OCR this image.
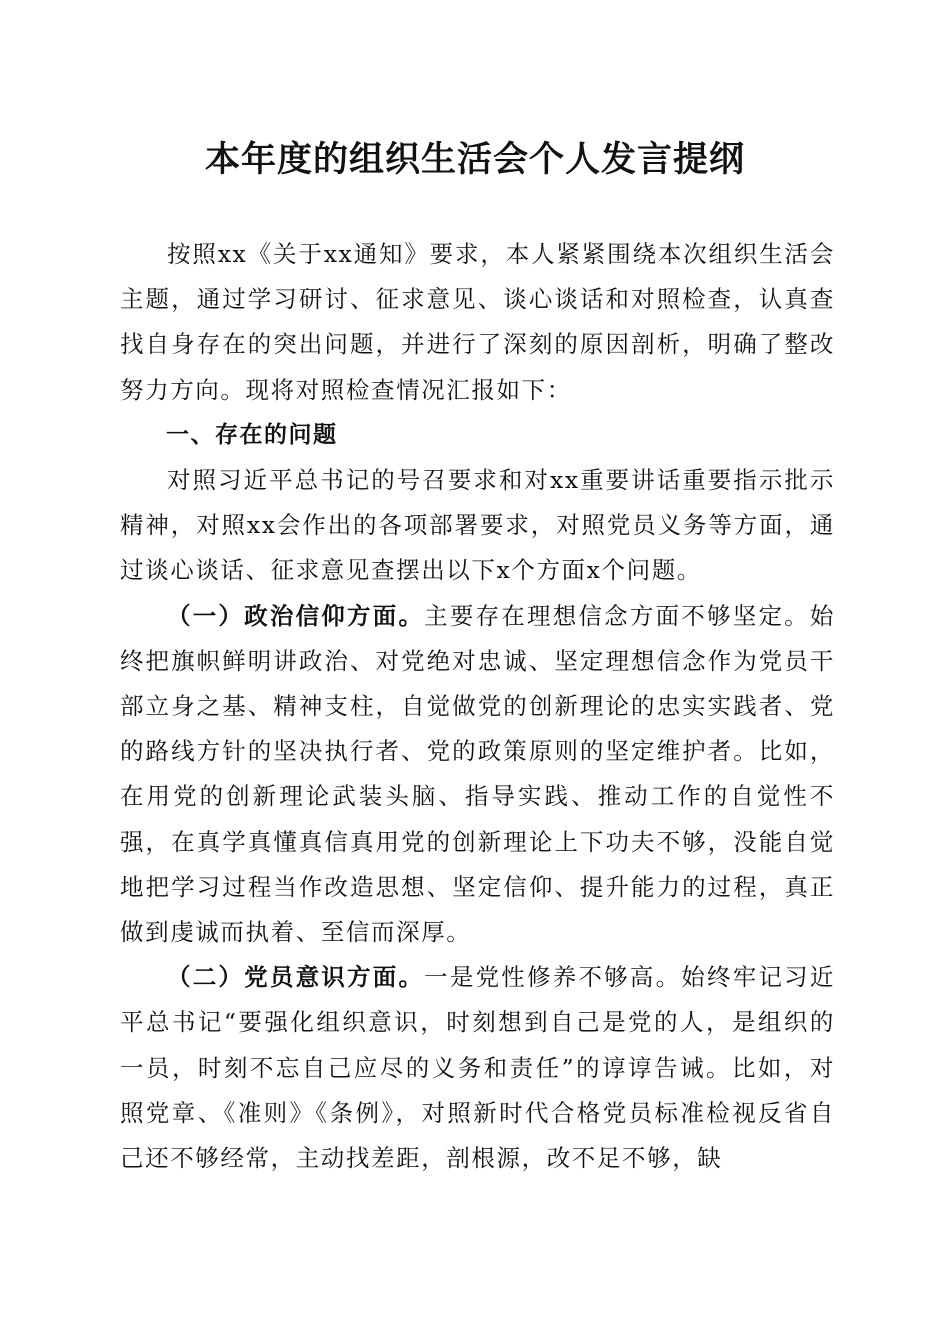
本年度的组织生活会个人发言提纲

按照xx《关于xx通知》要求，本人紧紧围绕本次组织生活会主题，通过学习研讨、征求意见、谈心谈话和对照检查，认真查找自身存在的突出问题，并进行了深刻的原因剖析，明确了整改努力方向。现将对照检查情况汇报如下：

一、存在的问题

对照习近平总书记的号召要求和对xx重要讲话重要指示批示精神，对照xx会作出的各项部署要求，对照党员义务等方面，通过谈心谈话、征求意见查摆出以下x个方面x个问题。

（一）政治信仰方面。主要存在理想信念方面不够坚定。始终把旗帜鲜明讲政治、对党绝对忠诚、坚定理想信念作为党员干部立身之基、精神支柱，自觉做党的创新理论的忠实实践者、党的路线方针的坚决执行者、党的政策原则的坚定维护者。比如，在用党的创新理论武装头脑、指导实践、推动工作的自觉性不强，在真学真懂真信真用党的创新理论上下功夫不够，没能自觉地把学习过程当作改造思想、坚定信仰、提升能力的过程，真正做到虔诚而执着、至信而深厚。

（二）党员意识方面。一是党性修养不够高。始终牢记习近平总书记“要强化组织意识，时刻想到自己是党的人，是组织的一员，时刻不忘自己应尽的义务和责任”的谆谆告诫。比如，对照党章、《准则》《条例》，对照新时代合格党员标准检视反省自己还不够经常，主动找差距，剖根源，改不足不够，缺
